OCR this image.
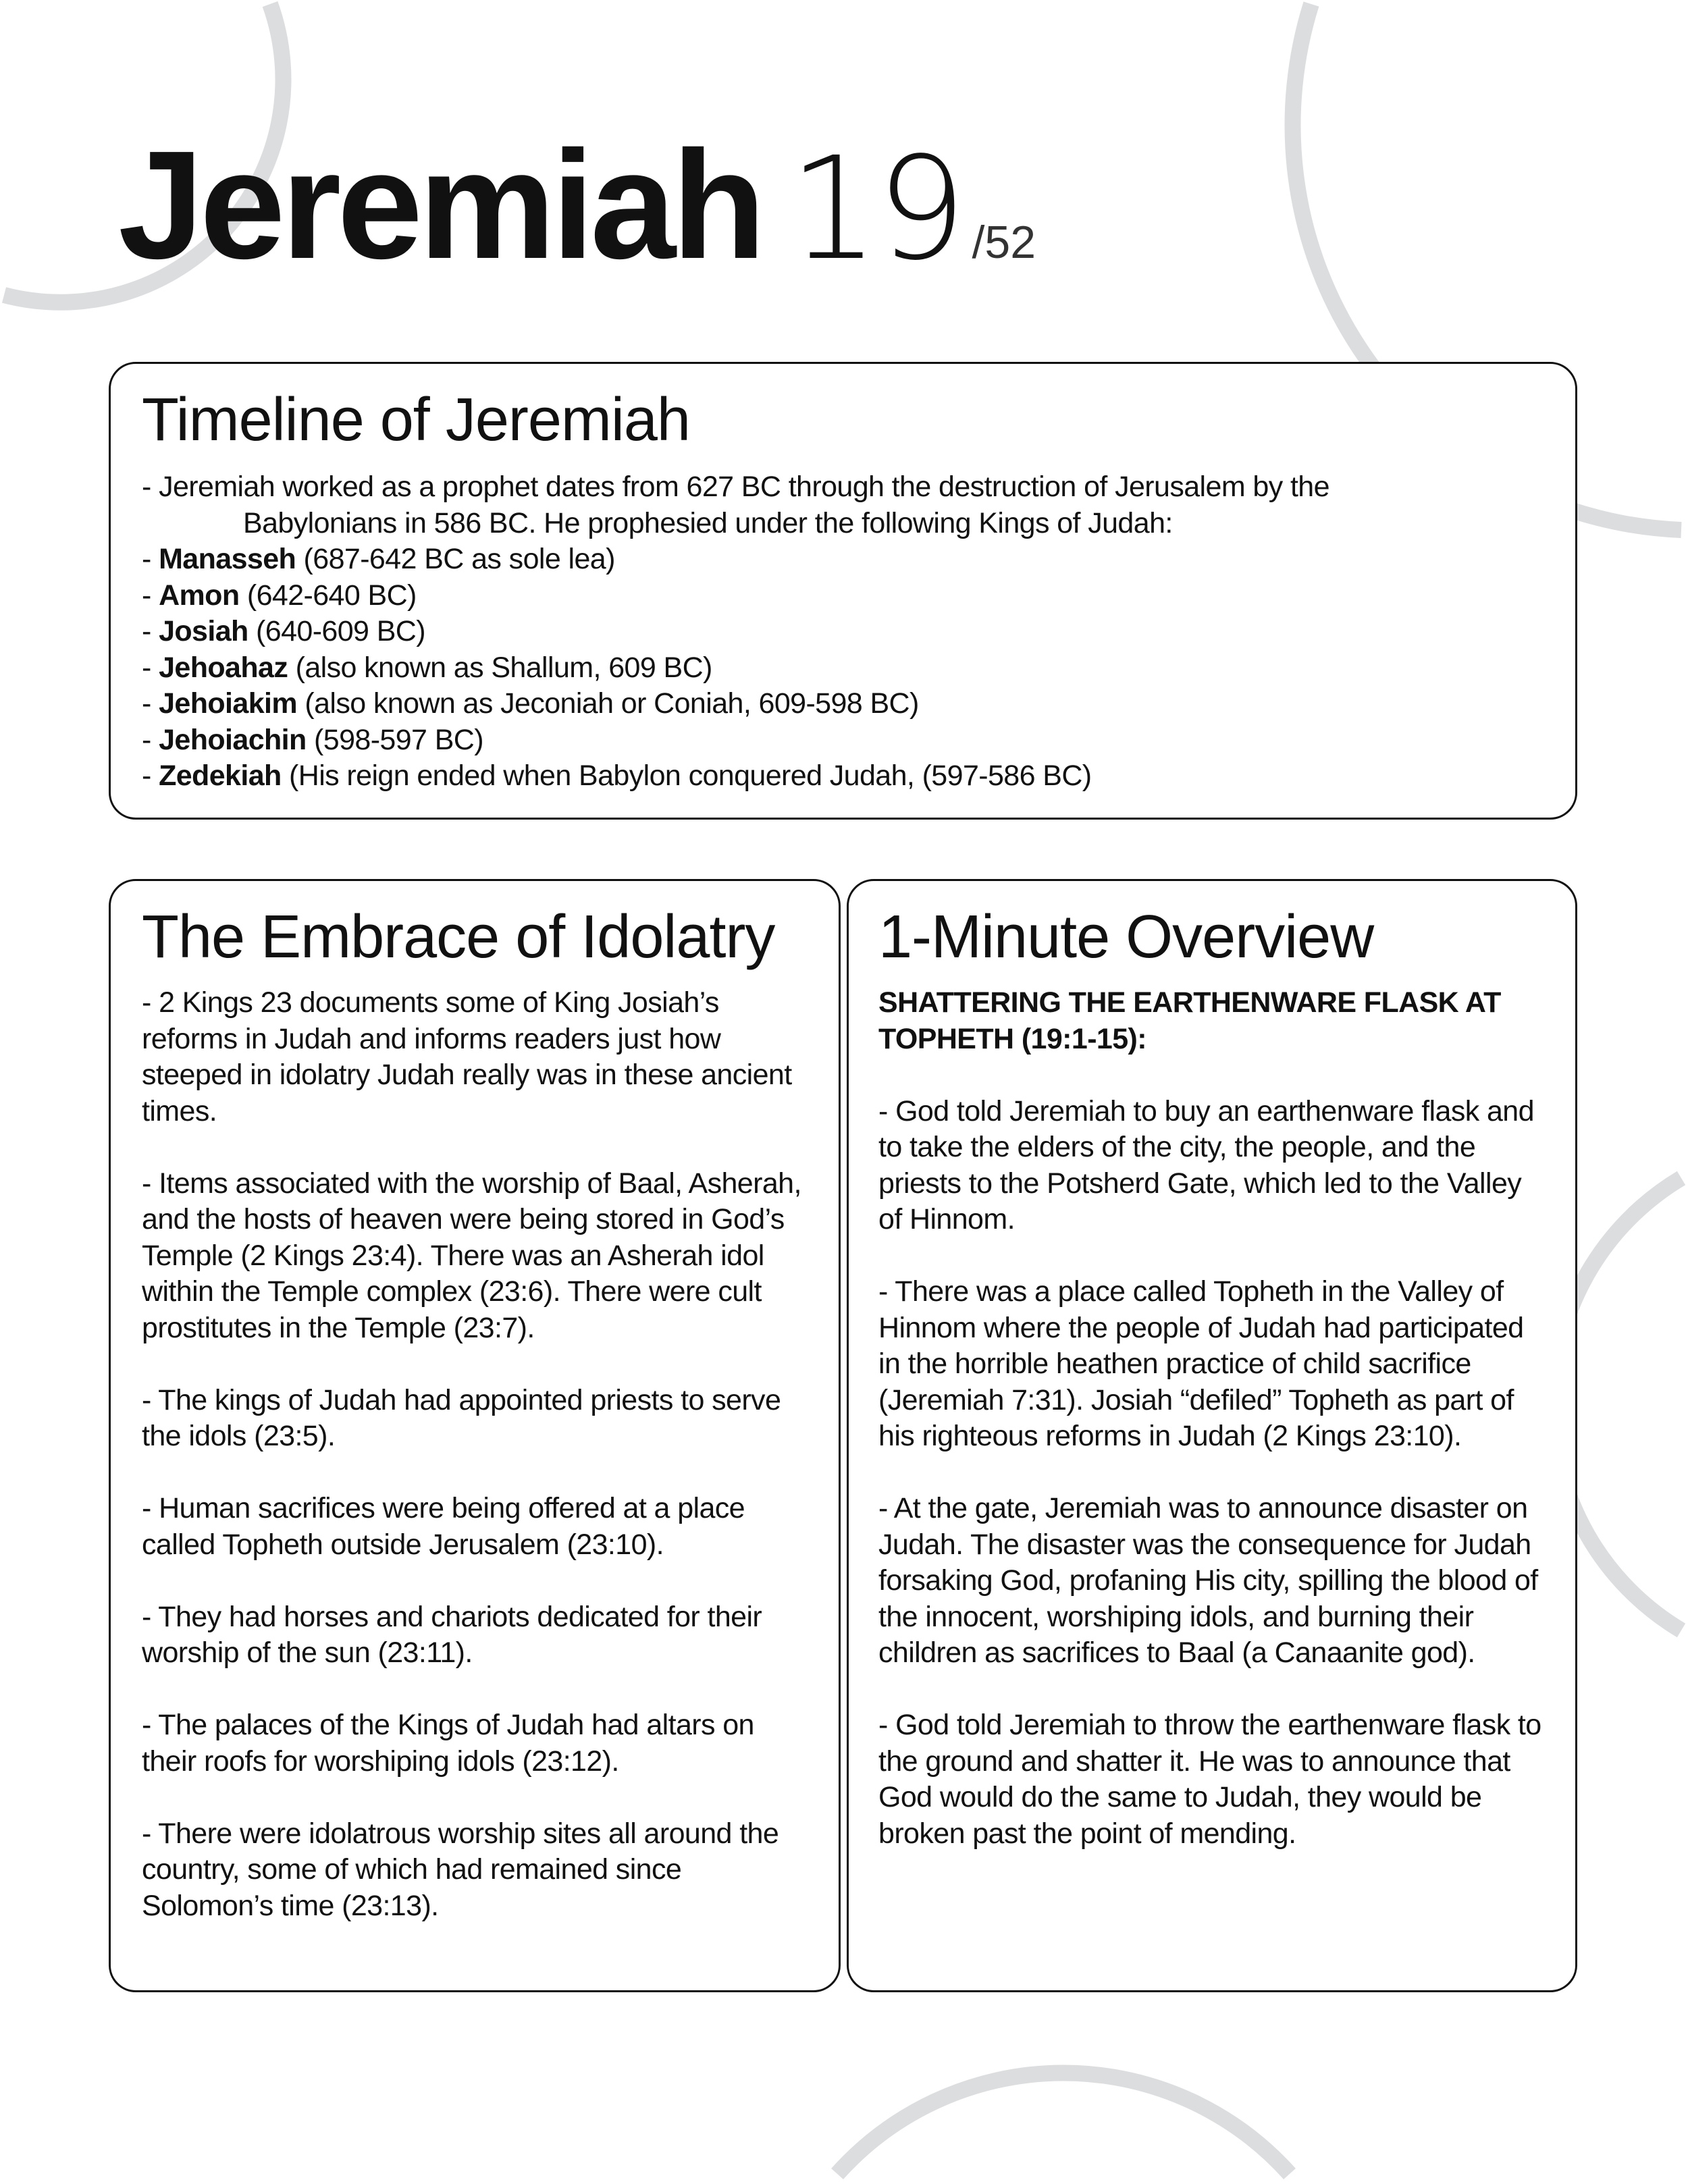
Jeremiah 19 /52
Timeline of Jeremiah
- Jeremiah worked as a prophet dates from 627 BC through the destruction of Jerusalem by the
Babylonians in 586 BC. He prophesied under the following Kings of Judah:
- Manasseh (687-642 BC as sole lea)
- Amon (642-640 BC)
- Josiah (640-609 BC)
- Jehoahaz (also known as Shallum, 609 BC)
- Jehoiakim (also known as Jeconiah or Coniah, 609-598 BC)
- Jehoiachin (598-597 BC)
- Zedekiah (His reign ended when Babylon conquered Judah, (597-586 BC)
The Embrace of Idolatry

- 2 Kings 23 documents some of King Josiah’s reforms in Judah and informs readers just how steeped in idolatry Judah really was in these ancient times.

- Items associated with the worship of Baal, Asherah, and the hosts of heaven were being stored in God’s Temple (2 Kings 23:4). There was an Asherah idol within the Temple complex (23:6). There were cult prostitutes in the Temple (23:7).

- The kings of Judah had appointed priests to serve the idols (23:5).

- Human sacrifices were being offered at a place called Topheth outside Jerusalem (23:10).

- They had horses and chariots dedicated for their worship of the sun (23:11).

- The palaces of the Kings of Judah had altars on their roofs for worshiping idols (23:12).

- There were idolatrous worship sites all around the country, some of which had remained since Solomon’s time (23:13).

1-Minute Overview

SHATTERING THE EARTHENWARE FLASK AT TOPHETH (19:1-15):

- God told Jeremiah to buy an earthenware flask and to take the elders of the city, the people, and the priests to the Potsherd Gate, which led to the Valley of Hinnom.

- There was a place called Topheth in the Valley of Hinnom where the people of Judah had participated in the horrible heathen practice of child sacrifice (Jeremiah 7:31). Josiah “defiled” Topheth as part of his righteous reforms in Judah (2 Kings 23:10).

- At the gate, Jeremiah was to announce disaster on Judah. The disaster was the consequence for Judah forsaking God, profaning His city, spilling the blood of the innocent, worshiping idols, and burning their children as sacrifices to Baal (a Canaanite god).

- God told Jeremiah to throw the earthenware flask to the ground and shatter it. He was to announce that God would do the same to Judah, they would be broken past the point of mending.
